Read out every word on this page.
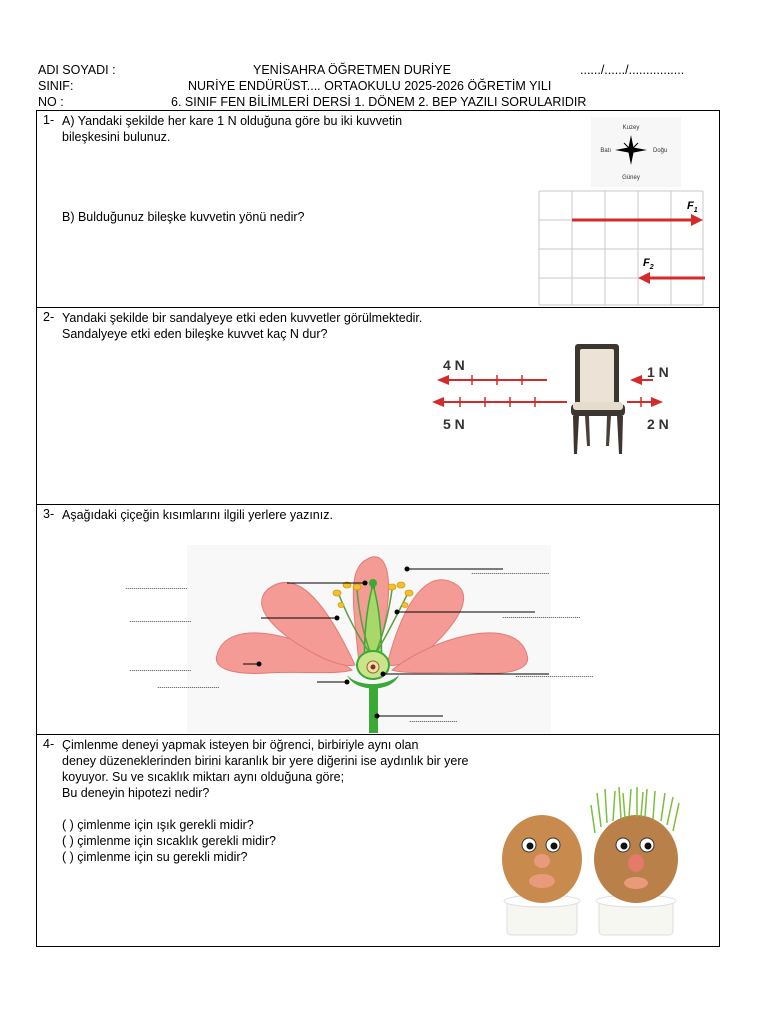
ADI SOYADI :
SINIF:
NO :
YENİSAHRA ÖĞRETMEN DURİYE
NURİYE ENDÜRÜST.... ORTAOKULU 2025-2026 ÖĞRETİM YILI
6. SINIF FEN BİLİMLERİ DERSİ 1. DÖNEM 2. BEP YAZILI SORULARIDIR
....../....../................
1- A) Yandaki şekilde her kare 1 N olduğuna göre bu iki kuvvetin
bileşkesini bulunuz.
B) Bulduğunuz bileşke kuvvetin yönü nedir?
Kuzey
Güney
Batı	Doğu
$F_1$
$F_2$
2- Yandaki şekilde bir sandalyeye etki eden kuvvetler görülmektedir.
Sandalyeye etki eden bileşke kuvvet kaç N dur?
4 N
5 N
1 N
2 N
3- Aşağıdaki çiçeğin kısımlarını ilgili yerlere yazınız.
...............................
...............................
...............................
...............................
.......................................
.......................................
.......................................
........................
4- Çimlenme deneyi yapmak isteyen bir öğrenci, birbiriyle aynı olan
deney düzeneklerinden birini karanlık bir yere diğerini ise aydınlık bir yere
koyuyor. Su ve sıcaklık miktarı aynı olduğuna göre;
Bu deneyin hipotezi nedir?
( ) çimlenme için ışık gerekli midir?
( ) çimlenme için sıcaklık gerekli midir?
( ) çimlenme için su gerekli midir?
